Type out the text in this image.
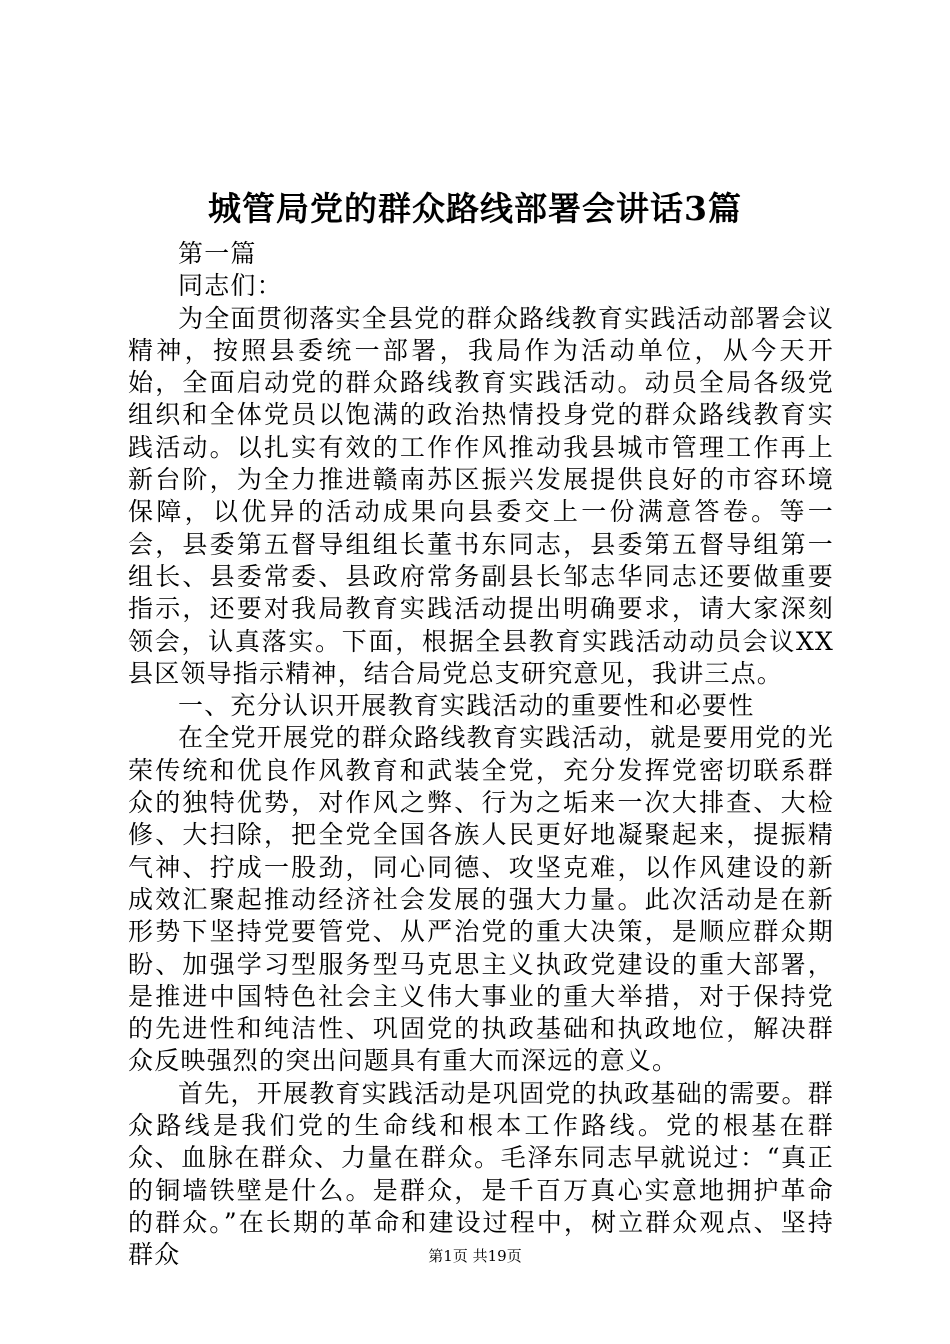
城管局党的群众路线部署会讲话3篇

第一篇

同志们：

为全面贯彻落实全县党的群众路线教育实践活动部署会议精神，按照县委统一部署，我局作为活动单位，从今天开始，全面启动党的群众路线教育实践活动。动员全局各级党组织和全体党员以饱满的政治热情投身党的群众路线教育实践活动。以扎实有效的工作作风推动我县城市管理工作再上新台阶，为全力推进赣南苏区振兴发展提供良好的市容环境保障，以优异的活动成果向县委交上一份满意答卷。等一会，县委第五督导组组长董书东同志，县委第五督导组第一组长、县委常委、县政府常务副县长邹志华同志还要做重要指示，还要对我局教育实践活动提出明确要求，请大家深刻领会，认真落实。下面，根据全县教育实践活动动员会议XX县区领导指示精神，结合局党总支研究意见，我讲三点。

一、充分认识开展教育实践活动的重要性和必要性

在全党开展党的群众路线教育实践活动，就是要用党的光荣传统和优良作风教育和武装全党，充分发挥党密切联系群众的独特优势，对作风之弊、行为之垢来一次大排查、大检修、大扫除，把全党全国各族人民更好地凝聚起来，提振精气神、拧成一股劲，同心同德、攻坚克难，以作风建设的新成效汇聚起推动经济社会发展的强大力量。此次活动是在新形势下坚持党要管党、从严治党的重大决策，是顺应群众期盼、加强学习型服务型马克思主义执政党建设的重大部署，是推进中国特色社会主义伟大事业的重大举措，对于保持党的先进性和纯洁性、巩固党的执政基础和执政地位，解决群众反映强烈的突出问题具有重大而深远的意义。

首先，开展教育实践活动是巩固党的执政基础的需要。群众路线是我们党的生命线和根本工作路线。党的根基在群众、血脉在群众、力量在群众。毛泽东同志早就说过：“真正的铜墙铁壁是什么。是群众，是千百万真心实意地拥护革命的群众。”在长期的革命和建设过程中，树立群众观点、坚持群众	第1页 共19页
